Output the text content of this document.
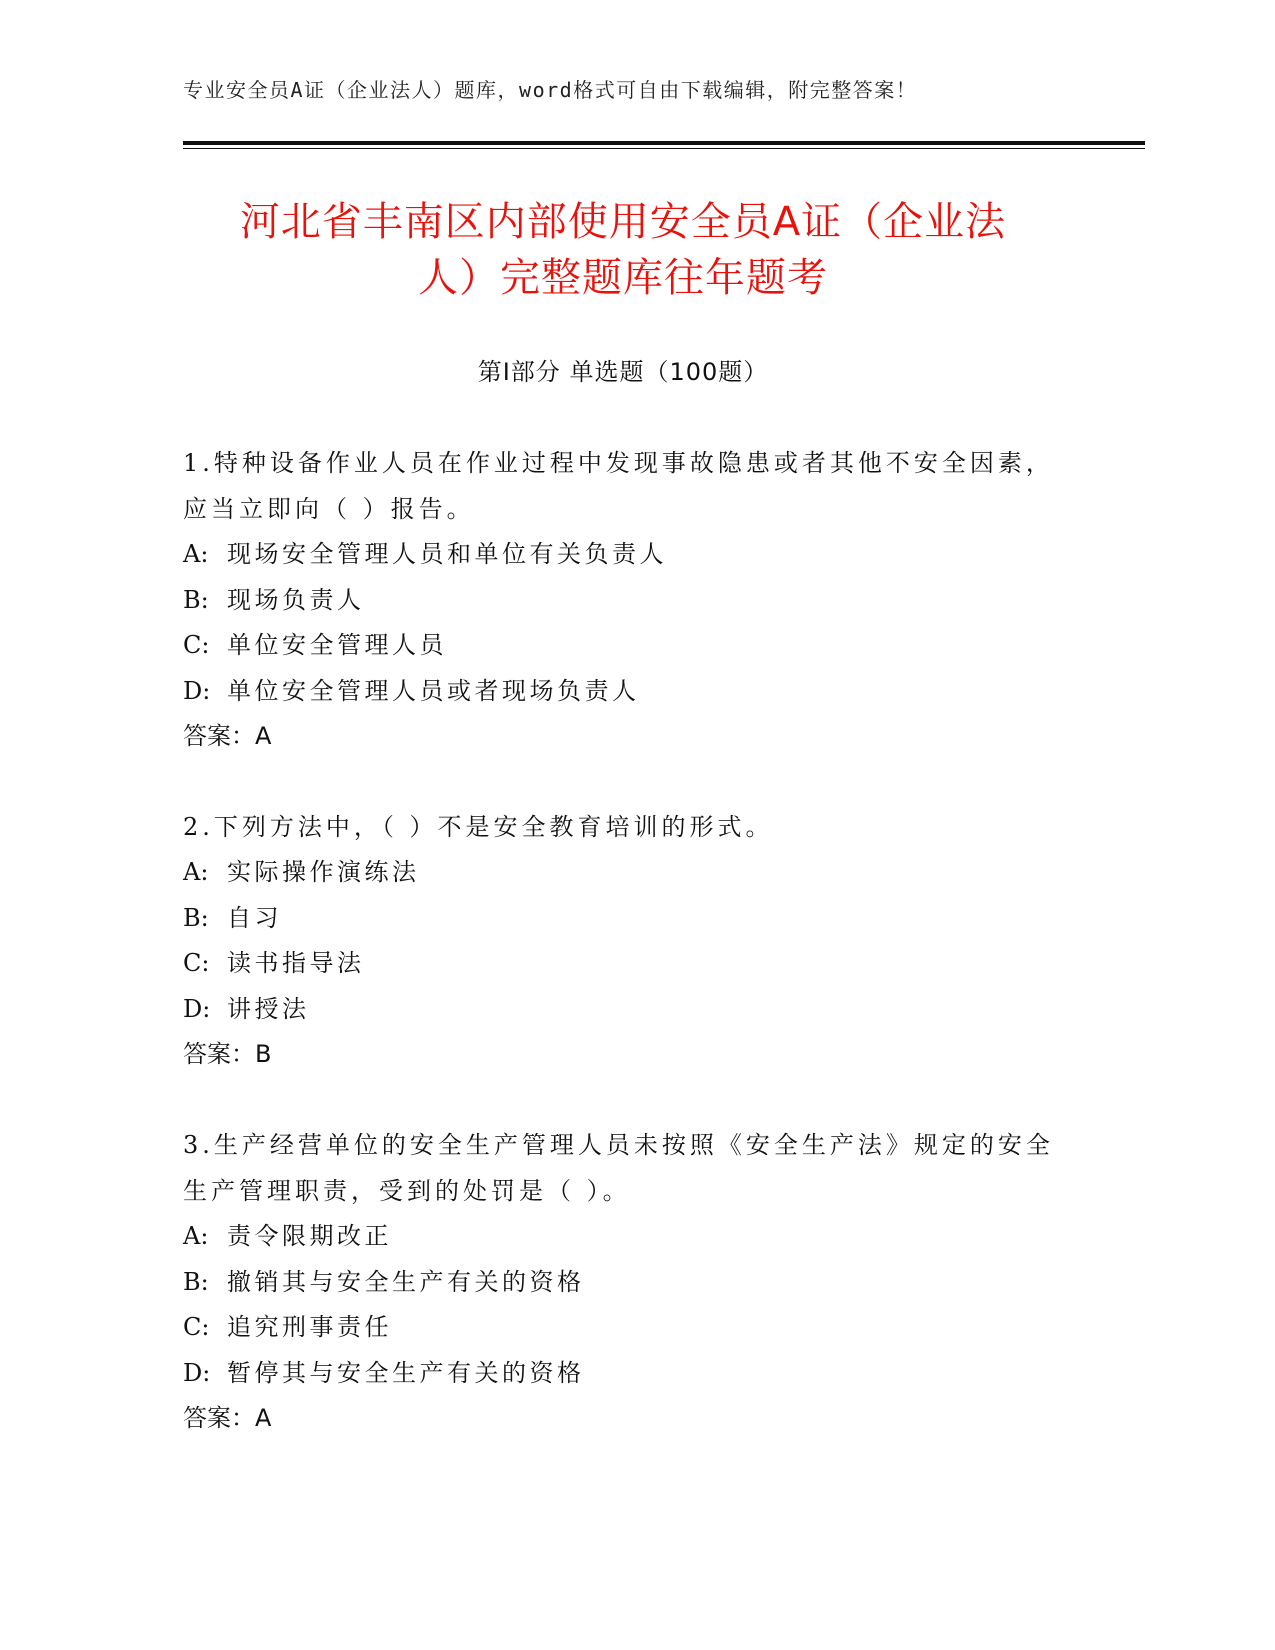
专业安全员A证（企业法人）题库，word格式可自由下载编辑，附完整答案！
河北省丰南区内部使用安全员A证（企业法
人）完整题库往年题考
第Ⅰ部分 单选题（100题）
1.特种设备作业人员在作业过程中发现事故隐患或者其他不安全因素，应当立即向（ ）报告。
A: 现场安全管理人员和单位有关负责人
B: 现场负责人
C: 单位安全管理人员
D: 单位安全管理人员或者现场负责人
答案：A
2.下列方法中，（ ）不是安全教育培训的形式。
A: 实际操作演练法
B: 自习
C: 读书指导法
D: 讲授法
答案：B
3.生产经营单位的安全生产管理人员未按照《安全生产法》规定的安全生产管理职责，受到的处罚是（ ）。
A: 责令限期改正
B: 撤销其与安全生产有关的资格
C: 追究刑事责任
D: 暂停其与安全生产有关的资格
答案：A
